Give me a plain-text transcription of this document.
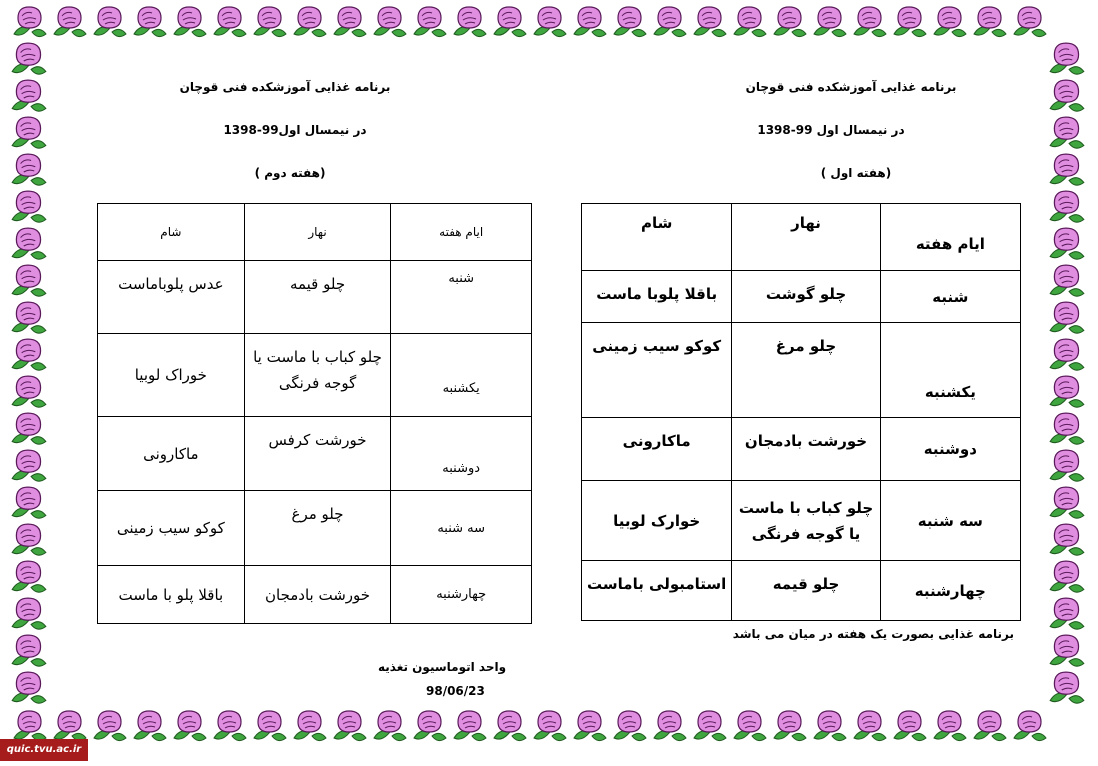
برنامه غذایی آموزشکده فنی قوچان
در نیمسال اول 99-1398
(هفته اول )
برنامه غذایی آموزشکده فنی قوچان
در نیمسال اول99-1398
(هفته دوم )
ایام هفته	نهار	شام
شنبه	چلو گوشت	باقلا پلوبا ماست

یکشنبه	چلو مرغ	کوکو سیب زمینی

دوشنبه	خورشت بادمجان	ماکارونی

سه شنبه	چلو کباب با ماست
یا گوجه فرنگی	خوارک لوبیا

چهارشنبه	چلو قیمه	استامبولی باماست
برنامه غذایی بصورت یک هفته در میان می باشد
ایام هفته	نهار	شام
شنبه	چلو قیمه	عدس پلوباماست

یکشنبه	چلو کباب با ماست یا
گوجه فرنگی	خوراک لوبیا

دوشنبه	خورشت کرفس	ماکارونی

سه شنبه	چلو مرغ	کوکو سیب زمینی

چهارشنبه	خورشت بادمجان	باقلا پلو با ماست
واحد اتوماسیون تغذیه
98/06/23
quic.tvu.ac.ir
